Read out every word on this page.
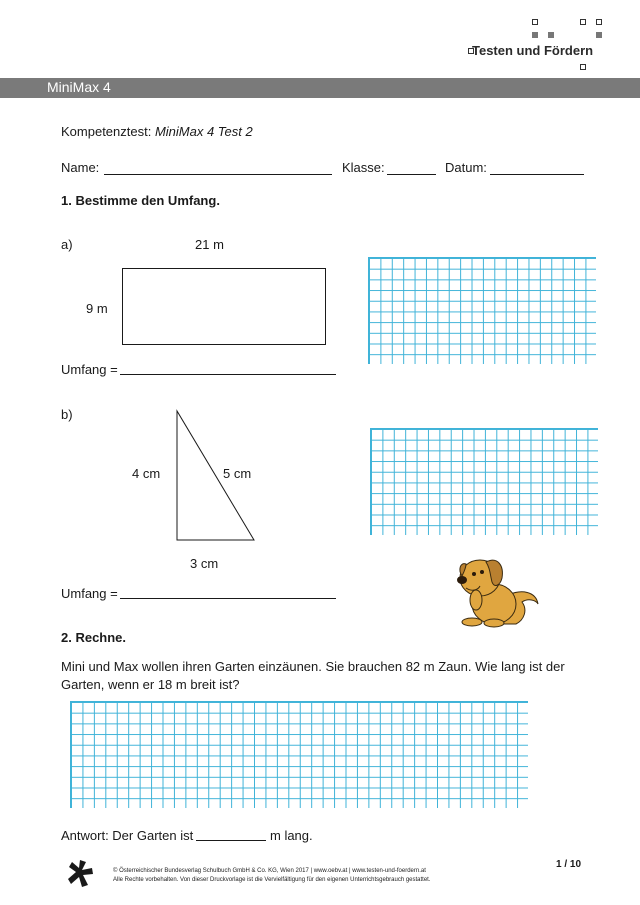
Testen und Fördern
MiniMax 4
Kompetenztest: MiniMax 4 Test 2
Name:	Klasse:	Datum:
1. Bestimme den Umfang.
a)	21 m
9 m
Umfang =
b)
4 cm	5 cm
3 cm
Umfang =
2. Rechne.
Mini und Max wollen ihren Garten einzäunen. Sie brauchen 82 m Zaun. Wie lang ist der
Garten, wenn er 18 m breit ist?
Antwort: Der Garten ist	m lang.
© Österreichischer Bundesverlag Schulbuch GmbH & Co. KG, Wien 2017 | www.oebv.at | www.testen-und-foerdern.at
Alle Rechte vorbehalten. Von dieser Druckvorlage ist die Vervielfältigung für den eigenen Unterrichtsgebrauch gestattet.
1 / 10
